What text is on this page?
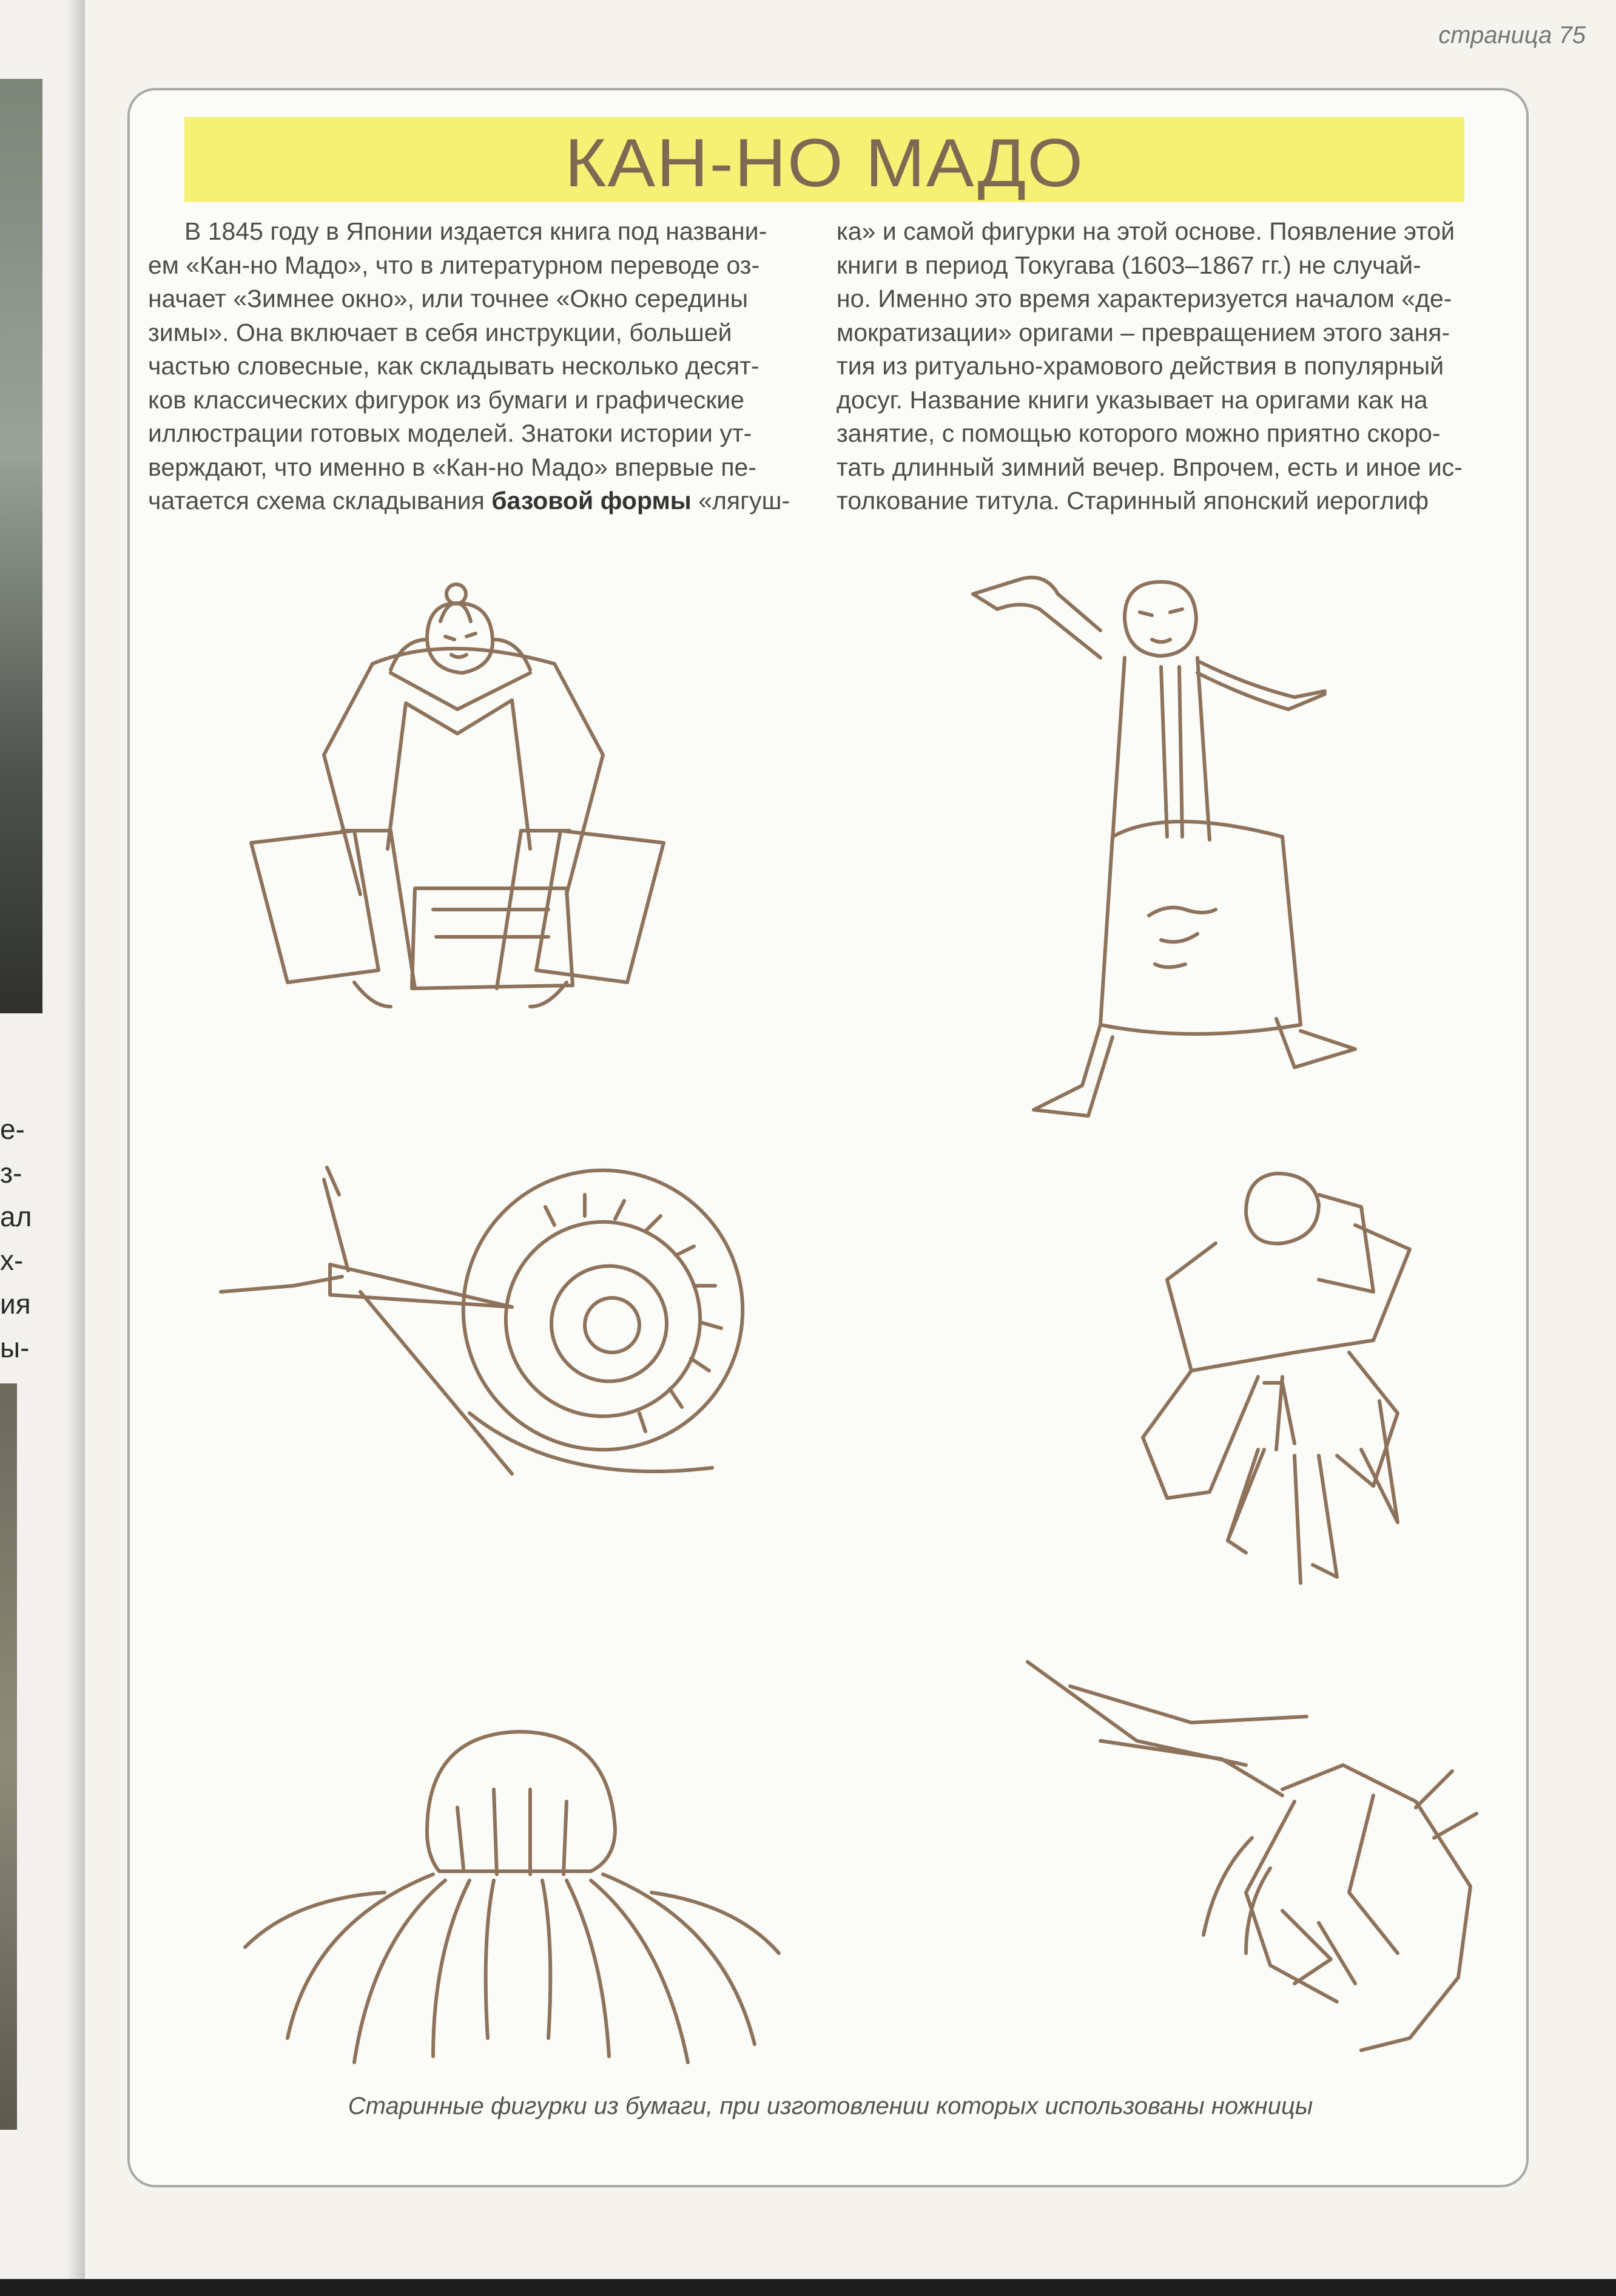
е-
з-
ал
х-
ия
ы-
страница 75
КАН-НО МАДО

В 1845 году в Японии издается книга под названи-

ем «Кан-но Мадо», что в литературном переводе оз-

начает «Зимнее окно», или точнее «Окно середины

зимы». Она включает в себя инструкции, большей

частью словесные, как складывать несколько десят-

ков классических фигурок из бумаги и графические

иллюстрации готовых моделей. Знатоки истории ут-

верждают, что именно в «Кан-но Мадо» впервые пе-

чатается схема складывания базовой формы «лягуш-

ка» и самой фигурки на этой основе. Появление этой

книги в период Токугава (1603–1867 гг.) не случай-

но. Именно это время характеризуется началом «де-

мократизации» оригами – превращением этого заня-

тия из ритуально-храмового действия в популярный

досуг. Название книги указывает на оригами как на

занятие, с помощью которого можно приятно скоро-

тать длинный зимний вечер. Впрочем, есть и иное ис-

толкование титула. Старинный японский иероглиф

Старинные фигурки из бумаги, при изготовлении которых использованы ножницы
